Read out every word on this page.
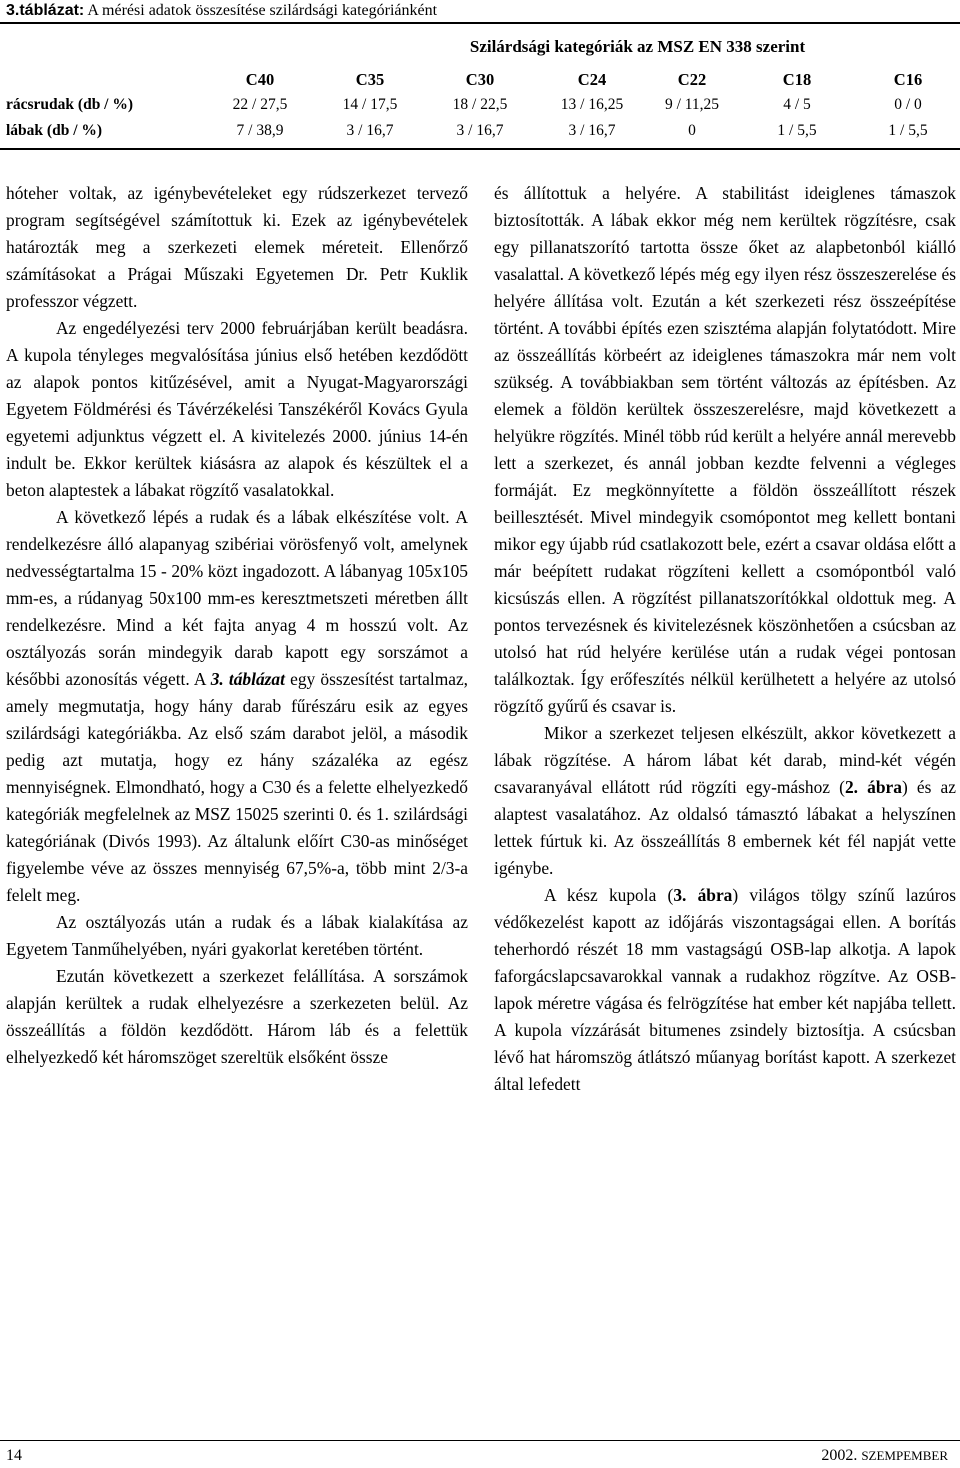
3.táblázat: A mérési adatok összesítése szilárdsági kategóriánként
Szilárdsági kategóriák az MSZ EN 338 szerint
C40	C35	C30	C24	C22	C18	C16
rácsrudak (db / %)	22 / 27,5	14 / 17,5	18 / 22,5	13 / 16,25	9 / 11,25	4 / 5	0 / 0
lábak (db / %)	7 / 38,9	3 / 16,7	3 / 16,7	3 / 16,7	0	1 / 5,5	1 / 5,5

hóteher voltak, az igénybevételeket egy rúdszerkezet tervező program segítségével számítottuk ki. Ezek az igénybevételek határozták meg a szerkezeti elemek méreteit. Ellenőrző számításokat a Prágai Műszaki Egyetemen Dr. Petr Kuklik professzor végzett.

Az engedélyezési terv 2000 februárjában került beadásra. A kupola tényleges megvalósítása június első hetében kezdődött az alapok pontos kitűzésével, amit a Nyugat-Magyarországi Egyetem Földmérési és Távérzékelési Tanszékéről Kovács Gyula egyetemi adjunktus végzett el. A kivitelezés 2000. június 14-én indult be. Ekkor kerültek kiásásra az alapok és készültek el a beton alaptestek a lábakat rögzítő vasalatokkal.

A következő lépés a rudak és a lábak elkészítése volt. A rendelkezésre álló alapanyag szibériai vörösfenyő volt, amelynek nedvességtartalma 15 - 20% közt ingadozott. A lábanyag 105x105 mm-es, a rúdanyag 50x100 mm-es keresztmetszeti méretben állt rendelkezésre. Mind a két fajta anyag 4 m hosszú volt. Az osztályozás során mindegyik darab kapott egy sorszámot a későbbi azonosítás végett. A 3. táblázat egy összesítést tartalmaz, amely megmutatja, hogy hány darab fűrészáru esik az egyes szilárdsági kategóriákba. Az első szám darabot jelöl, a második pedig azt mutatja, hogy ez hány százaléka az egész mennyiségnek. Elmondható, hogy a C30 és a felette elhelyezkedő kategóriák megfelelnek az MSZ 15025 szerinti 0. és 1. szilárdsági kategóriának (Divós 1993). Az általunk előírt C30-as minőséget figyelembe véve az összes mennyiség 67,5%-a, több mint 2/3-a felelt meg.

Az osztályozás után a rudak és a lábak kialakítása az Egyetem Tanműhelyében, nyári gyakorlat keretében történt.

Ezután következett a szerkezet felállítása. A sorszámok alapján kerültek a rudak elhelyezésre a szerkezeten belül. Az összeállítás a földön kezdődött. Három láb és a felettük elhelyezkedő két háromszöget szereltük elsőként össze

és állítottuk a helyére. A stabilitást ideiglenes támaszok biztosították. A lábak ekkor még nem kerültek rögzítésre, csak egy pillanatszorító tartotta össze őket az alapbetonból kiálló vasalattal. A következő lépés még egy ilyen rész összeszerelése és helyére állítása volt. Ezután a két szerkezeti rész összeépítése történt. A további építés ezen szisztéma alapján folytatódott. Mire az összeállítás körbeért az ideiglenes támaszokra már nem volt szükség. A továbbiakban sem történt változás az építésben. Az elemek a földön kerültek összeszerelésre, majd következett a helyükre rögzítés. Minél több rúd került a helyére annál merevebb lett a szerkezet, és annál jobban kezdte felvenni a végleges formáját. Ez megkönnyítette a földön összeállított részek beillesztését. Mivel mindegyik csomópontot meg kellett bontani mikor egy újabb rúd csatlakozott bele, ezért a csavar oldása előtt a már beépített rudakat rögzíteni kellett a csomópontból való kicsúszás ellen. A rögzítést pillanatszorítókkal oldottuk meg. A pontos tervezésnek és kivitelezésnek köszönhetően a csúcsban az utolsó hat rúd helyére kerülése után a rudak végei pontosan találkoztak. Így erőfeszítés nélkül kerülhetett a helyére az utolsó rögzítő gyűrű és csavar is.

Mikor a szerkezet teljesen elkészült, akkor következett a lábak rögzítése. A három lábat két darab, mind-két végén csavaranyával ellátott rúd rögzíti egy-máshoz (2. ábra) és az alaptest vasalatához. Az oldalsó támasztó lábakat a helyszínen lettek fúrtuk ki. Az összeállítás 8 embernek két fél napját vette igénybe.

A kész kupola (3. ábra) világos tölgy színű lazúros védőkezelést kapott az időjárás viszontagságai ellen. A borítás teherhordó részét 18 mm vastagságú OSB-lap alkotja. A lapok faforgácslapcsavarokkal vannak a rudakhoz rögzítve. Az OSB-lapok méretre vágása és felrögzítése hat ember két napjába tellett. A kupola vízzárását bitumenes zsindely biztosítja. A csúcsban lévő hat háromszög átlátszó műanyag borítást kapott. A szerkezet által lefedett

14	2002. SZEMPEMBER
